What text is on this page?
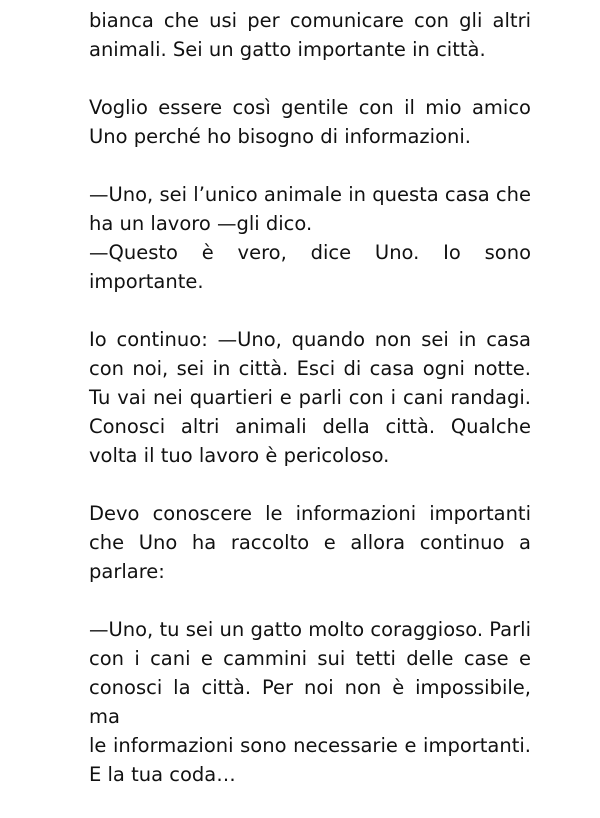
bianca che usi per comunicare con gli altri
animali. Sei un gatto importante in città.

Voglio essere così gentile con il mio amico
Uno perché ho bisogno di informazioni.

—Uno, sei l’unico animale in questa casa che
ha un lavoro —gli dico.

—Questo è vero, dice Uno. Io sono
importante.

Io continuo: —Uno, quando non sei in casa
con noi, sei in città. Esci di casa ogni notte.
Tu vai nei quartieri e parli con i cani randagi.
Conosci altri animali della città. Qualche
volta il tuo lavoro è pericoloso.

Devo conoscere le informazioni importanti
che Uno ha raccolto e allora continuo a
parlare:

—Uno, tu sei un gatto molto coraggioso. Parli
con i cani e cammini sui tetti delle case e
conosci la città. Per noi non è impossibile, ma
le informazioni sono necessarie e importanti.
E la tua coda…
